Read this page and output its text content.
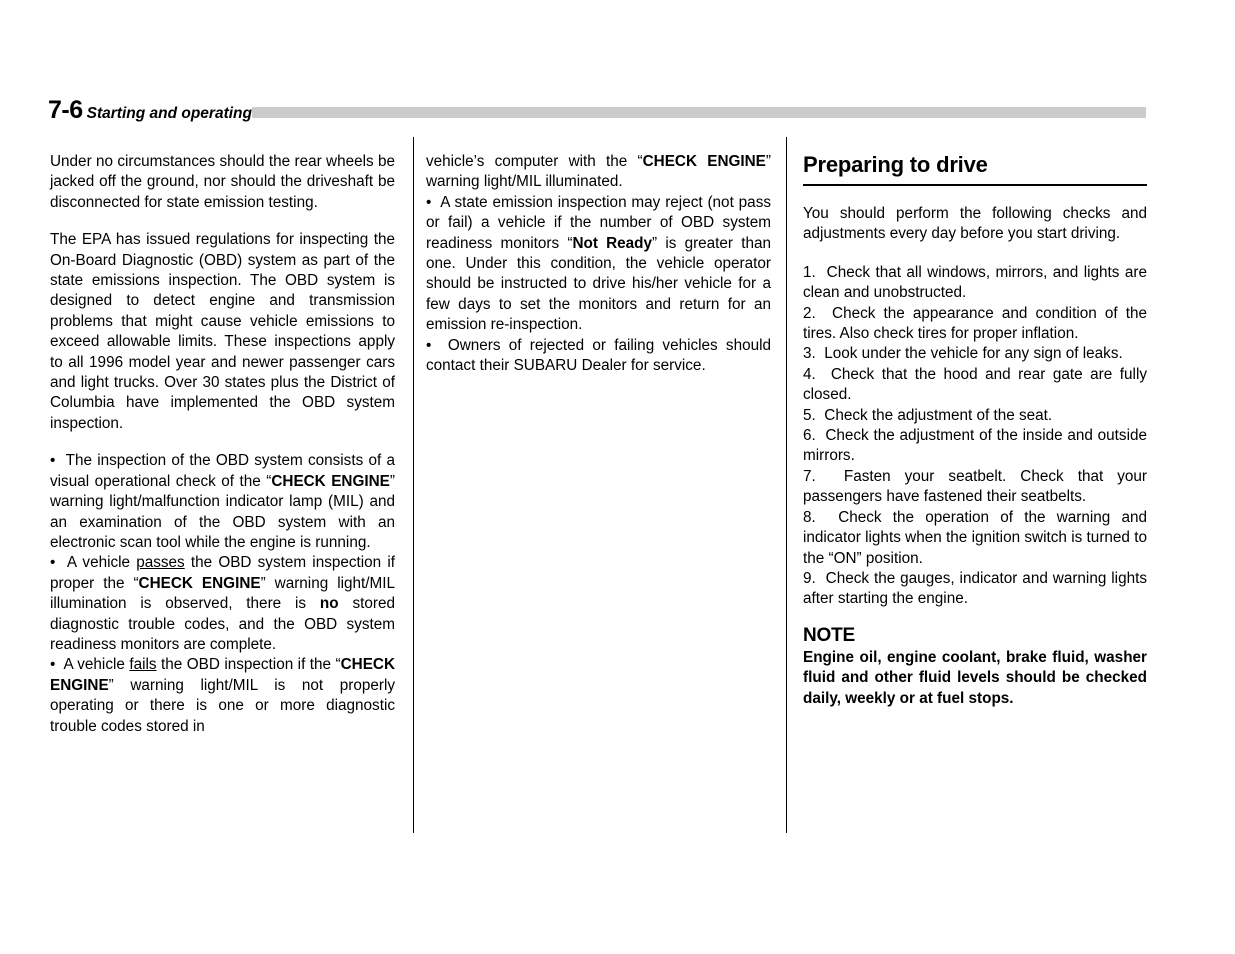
7-6 Starting and operating

Under no circumstances should the rear wheels be jacked off the ground, nor should the driveshaft be disconnected for state emission testing.

The EPA has issued regulations for inspecting the On-Board Diagnostic (OBD) system as part of the state emissions inspection. The OBD system is designed to detect engine and transmission problems that might cause vehicle emissions to exceed allowable limits. These inspections apply to all 1996 model year and newer passenger cars and light trucks. Over 30 states plus the District of Columbia have implemented the OBD system inspection.

• The inspection of the OBD system consists of a visual operational check of the “CHECK ENGINE” warning light/malfunction indicator lamp (MIL) and an examination of the OBD system with an electronic scan tool while the engine is running.

• A vehicle passes the OBD system inspection if proper the “CHECK ENGINE” warning light/MIL illumination is observed, there is no stored diagnostic trouble codes, and the OBD system readiness monitors are complete.

• A vehicle fails the OBD inspection if the “CHECK ENGINE” warning light/MIL is not properly operating or there is one or more diagnostic trouble codes stored in

vehicle’s computer with the “CHECK ENGINE” warning light/MIL illuminated.

• A state emission inspection may reject (not pass or fail) a vehicle if the number of OBD system readiness monitors “Not Ready” is greater than one. Under this condition, the vehicle operator should be instructed to drive his/her vehicle for a few days to set the monitors and return for an emission re-inspection.

• Owners of rejected or failing vehicles should contact their SUBARU Dealer for service.

Preparing to drive

You should perform the following checks and adjustments every day before you start driving.

1. Check that all windows, mirrors, and lights are clean and unobstructed.

2. Check the appearance and condition of the tires. Also check tires for proper inflation.

3. Look under the vehicle for any sign of leaks.

4. Check that the hood and rear gate are fully closed.

5. Check the adjustment of the seat.

6. Check the adjustment of the inside and outside mirrors.

7. Fasten your seatbelt. Check that your passengers have fastened their seatbelts.

8. Check the operation of the warning and indicator lights when the ignition switch is turned to the “ON” position.

9. Check the gauges, indicator and warning lights after starting the engine.

NOTE

Engine oil, engine coolant, brake fluid, washer fluid and other fluid levels should be checked daily, weekly or at fuel stops.
